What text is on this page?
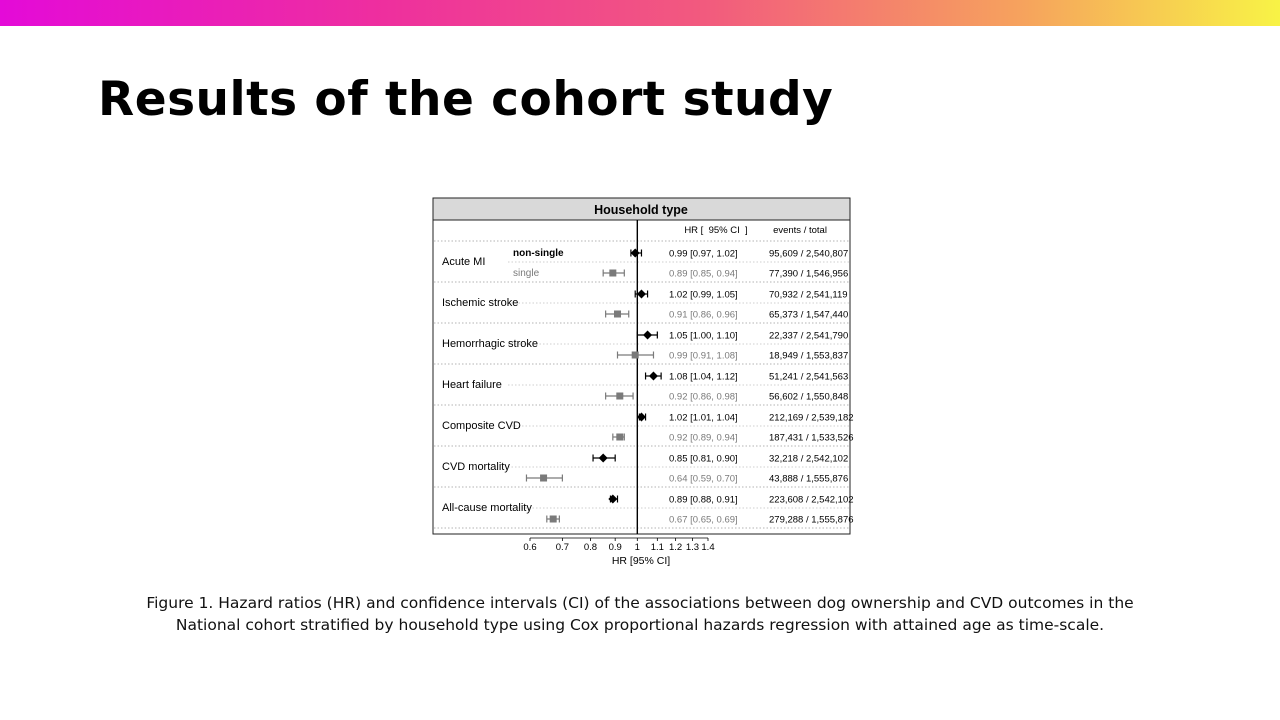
Results of the cohort study
Household type
HR [  95% CI  ]	events / total
Acute MI
non-single	0.99 [0.97, 1.02]	95,609 / 2,540,807
single	0.89 [0.85, 0.94]	77,390 / 1,546,956
Ischemic stroke
1.02 [0.99, 1.05]	70,932 / 2,541,119
0.91 [0.86, 0.96]	65,373 / 1,547,440
Hemorrhagic stroke
1.05 [1.00, 1.10]	22,337 / 2,541,790
0.99 [0.91, 1.08]	18,949 / 1,553,837
Heart failure
1.08 [1.04, 1.12]	51,241 / 2,541,563
0.92 [0.86, 0.98]	56,602 / 1,550,848
Composite CVD
1.02 [1.01, 1.04]	212,169 / 2,539,182
0.92 [0.89, 0.94]	187,431 / 1,533,526
CVD mortality
0.85 [0.81, 0.90]	32,218 / 2,542,102
0.64 [0.59, 0.70]	43,888 / 1,555,876
All-cause mortality
0.89 [0.88, 0.91]	223,608 / 2,542,102
0.67 [0.65, 0.69]	279,288 / 1,555,876
0.6 0.7 0.8 0.9 1 1.1 1.2 1.3 1.4
HR [95% CI]

Figure 1. Hazard ratios (HR) and confidence intervals (CI) of the associations between dog ownership and CVD outcomes in the
National cohort stratified by household type using Cox proportional hazards regression with attained age as time-scale.
